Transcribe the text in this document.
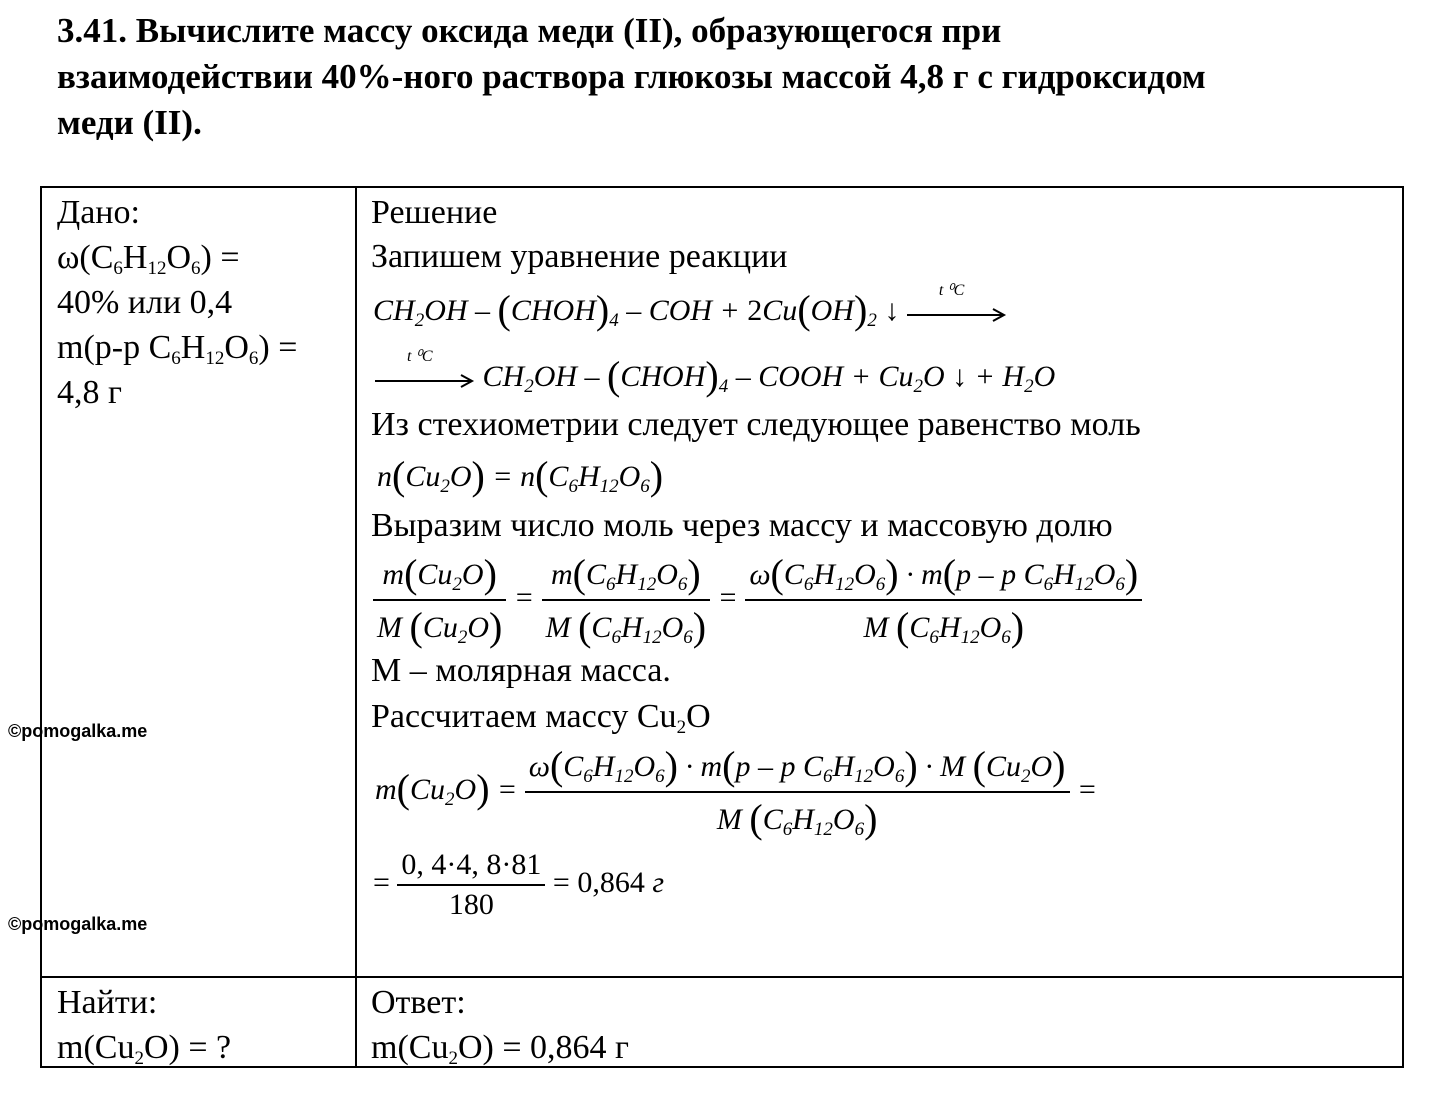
3.41. Вычислите массу оксида меди (II), образующегося при
взаимодействии 40%-ного раствора глюкозы массой 4,8 г с гидроксидом
меди (II).
Дано:
$\omega(C_6H_{12}O_6)$ =
40% или 0,4
m(р-р $C_6H_{12}O_6$) =
4,8 г
Найти:
$m(Cu_2O)$ = ?
Решение
Запишем уравнение реакции
$CH_2OH$ – $(CHOH)_4$ – COH + $2Cu(OH)_2$ ↓
t ⁰C
t ⁰C
$CH_2OH$ – $(CHOH)_4$ – COOH + $Cu_2O$ ↓ + $H_2O$
Из стехиометрии следует следующее равенство моль
$n(Cu_2O) = n(C_6H_{12}O_6)$
Выразим число моль через массу и массовую долю
$\frac{m(Cu_2O)}{M (Cu_2O)} = \frac{m(C_6H_{12}O_6)}{M (C_6H_{12}O_6)} = \frac{\omega(C_6H_{12}O_6) \cdot m(p - p C_6H_{12}O_6)}{M (C_6H_{12}O_6)}$
M – молярная масса.
Рассчитаем массу $Cu_2O$
$m(Cu_2O) = \frac{\omega(C_6H_{12}O_6) \cdot m(p - p C_6H_{12}O_6) \cdot M (Cu_2O)}{M (C_6H_{12}O_6)}$ =
= $\frac{0, 4\cdot 4, 8\cdot 81}{180} = 0,864$ г
Ответ:
$m(Cu_2O) = 0,864$ г
©pomogalka.me
©pomogalka.me
